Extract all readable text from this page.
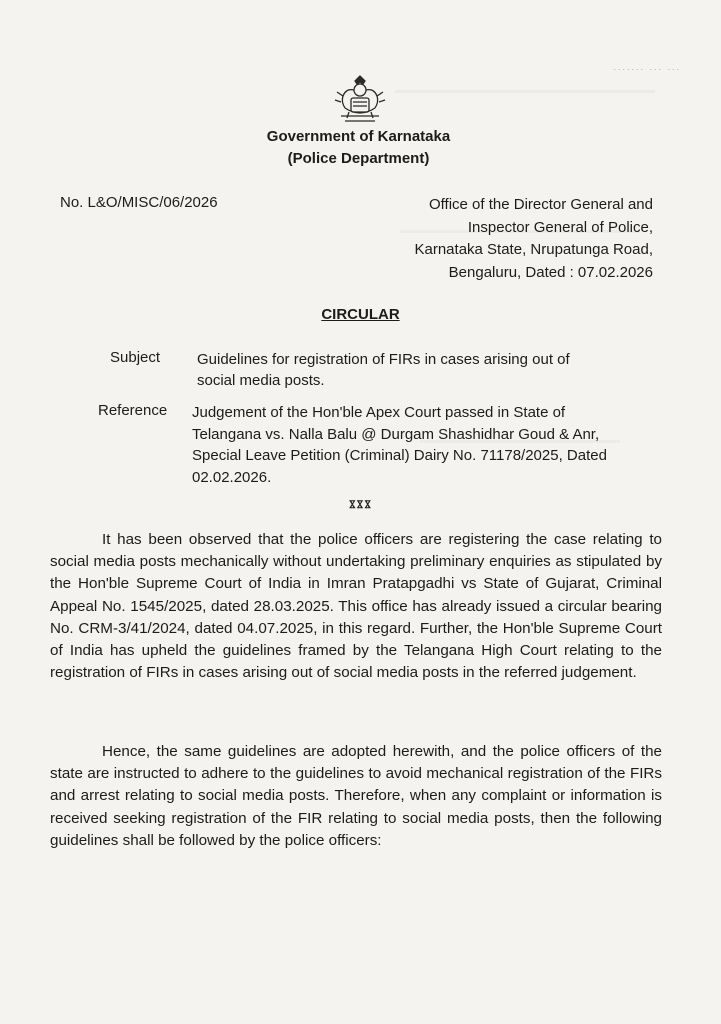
....... ... ...
Government of Karnataka
(Police Department)
No. L&O/MISC/06/2026	Office of the Director General and
Inspector General of Police,
Karnataka State, Nrupatunga Road,
Bengaluru, Dated : 07.02.2026
CIRCULAR
Subject Guidelines for registration of FIRs in cases arising out of social media posts.
Reference Judgement of the Hon'ble Apex Court passed in State of Telangana vs. Nalla Balu @ Durgam Shashidhar Goud & Anr, Special Leave Petition (Criminal) Dairy No. 71178/2025, Dated 02.02.2026.
ೱೱೱ
It has been observed that the police officers are registering the case relating to social media posts mechanically without undertaking preliminary enquiries as stipulated by the Hon'ble Supreme Court of India in Imran Pratapgadhi vs State of Gujarat, Criminal Appeal No. 1545/2025, dated 28.03.2025. This office has already issued a circular bearing No. CRM-3/41/2024, dated 04.07.2025, in this regard. Further, the Hon'ble Supreme Court of India has upheld the guidelines framed by the Telangana High Court relating to the registration of FIRs in cases arising out of social media posts in the referred judgement.
Hence, the same guidelines are adopted herewith, and the police officers of the state are instructed to adhere to the guidelines to avoid mechanical registration of the FIRs and arrest relating to social media posts. Therefore, when any complaint or information is received seeking registration of the FIR relating to social media posts, then the following guidelines shall be followed by the police officers:
